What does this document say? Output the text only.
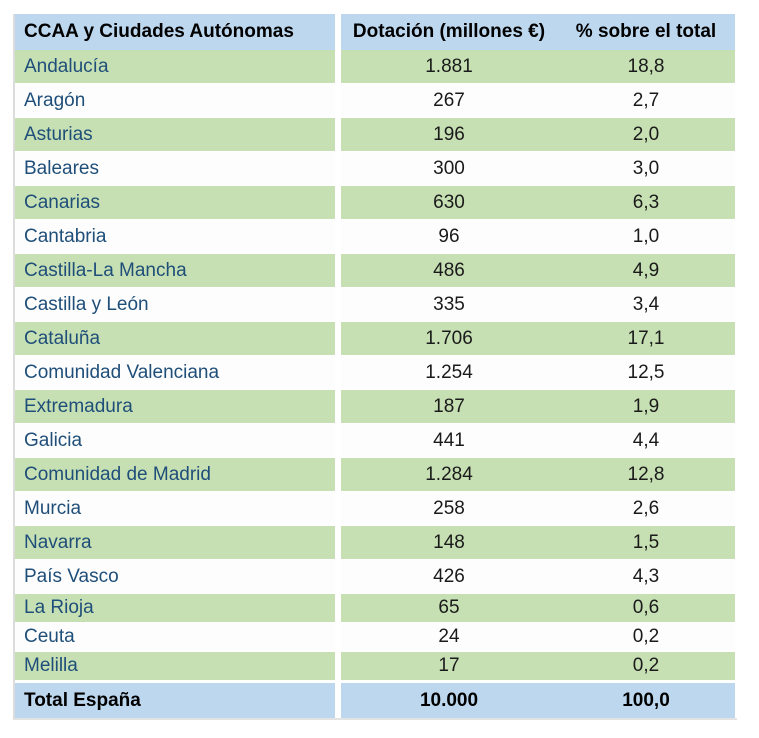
CCAA y Ciudades Autónomas	Dotación (millones €)	% sobre el total
Andalucía	1.881	18,8
Aragón	267	2,7
Asturias	196	2,0
Baleares	300	3,0
Canarias	630	6,3
Cantabria	96	1,0
Castilla-La Mancha	486	4,9
Castilla y León	335	3,4
Cataluña	1.706	17,1
Comunidad Valenciana	1.254	12,5
Extremadura	187	1,9
Galicia	441	4,4
Comunidad de Madrid	1.284	12,8
Murcia	258	2,6
Navarra	148	1,5
País Vasco	426	4,3
La Rioja	65	0,6
Ceuta	24	0,2
Melilla	17	0,2
Total España	10.000	100,0
